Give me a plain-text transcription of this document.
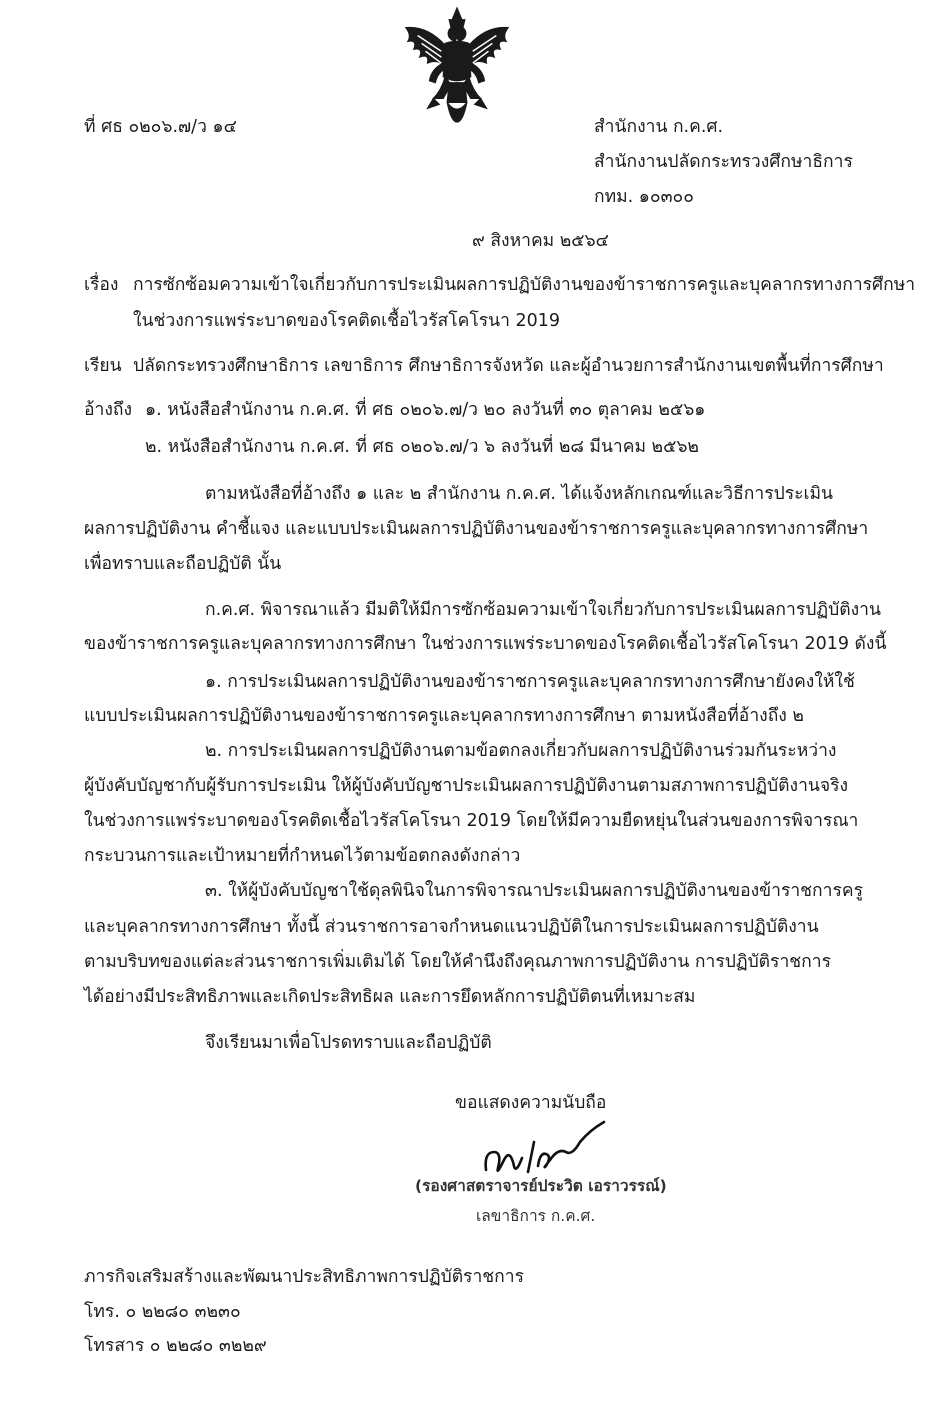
ที่ ศธ ๐๒๐๖.๗/ว ๑๔	สำนักงาน ก.ค.ศ.
สำนักงานปลัดกระทรวงศึกษาธิการ
กทม. ๑๐๓๐๐
๙ สิงหาคม ๒๕๖๔
เรื่อง การซักซ้อมความเข้าใจเกี่ยวกับการประเมินผลการปฏิบัติงานของข้าราชการครูและบุคลากรทางการศึกษา
ในช่วงการแพร่ระบาดของโรคติดเชื้อไวรัสโคโรนา 2019
เรียน ปลัดกระทรวงศึกษาธิการ เลขาธิการ ศึกษาธิการจังหวัด และผู้อำนวยการสำนักงานเขตพื้นที่การศึกษา
อ้างถึง ๑. หนังสือสำนักงาน ก.ค.ศ. ที่ ศธ ๐๒๐๖.๗/ว ๒๐ ลงวันที่ ๓๐ ตุลาคม ๒๕๖๑
๒. หนังสือสำนักงาน ก.ค.ศ. ที่ ศธ ๐๒๐๖.๗/ว ๖ ลงวันที่ ๒๘ มีนาคม ๒๕๖๒
ตามหนังสือที่อ้างถึง ๑ และ ๒ สำนักงาน ก.ค.ศ. ได้แจ้งหลักเกณฑ์และวิธีการประเมิน
ผลการปฏิบัติงาน คำชี้แจง และแบบประเมินผลการปฏิบัติงานของข้าราชการครูและบุคลากรทางการศึกษา
เพื่อทราบและถือปฏิบัติ นั้น
ก.ค.ศ. พิจารณาแล้ว มีมติให้มีการซักซ้อมความเข้าใจเกี่ยวกับการประเมินผลการปฏิบัติงาน
ของข้าราชการครูและบุคลากรทางการศึกษา ในช่วงการแพร่ระบาดของโรคติดเชื้อไวรัสโคโรนา 2019 ดังนี้
๑. การประเมินผลการปฏิบัติงานของข้าราชการครูและบุคลากรทางการศึกษายังคงให้ใช้
แบบประเมินผลการปฏิบัติงานของข้าราชการครูและบุคลากรทางการศึกษา ตามหนังสือที่อ้างถึง ๒
๒. การประเมินผลการปฏิบัติงานตามข้อตกลงเกี่ยวกับผลการปฏิบัติงานร่วมกันระหว่าง
ผู้บังคับบัญชากับผู้รับการประเมิน ให้ผู้บังคับบัญชาประเมินผลการปฏิบัติงานตามสภาพการปฏิบัติงานจริง
ในช่วงการแพร่ระบาดของโรคติดเชื้อไวรัสโคโรนา 2019 โดยให้มีความยืดหยุ่นในส่วนของการพิจารณา
กระบวนการและเป้าหมายที่กำหนดไว้ตามข้อตกลงดังกล่าว
๓. ให้ผู้บังคับบัญชาใช้ดุลพินิจในการพิจารณาประเมินผลการปฏิบัติงานของข้าราชการครู
และบุคลากรทางการศึกษา ทั้งนี้ ส่วนราชการอาจกำหนดแนวปฏิบัติในการประเมินผลการปฏิบัติงาน
ตามบริบทของแต่ละส่วนราชการเพิ่มเติมได้ โดยให้คำนึงถึงคุณภาพการปฏิบัติงาน การปฏิบัติราชการ
ได้อย่างมีประสิทธิภาพและเกิดประสิทธิผล และการยึดหลักการปฏิบัติตนที่เหมาะสม
จึงเรียนมาเพื่อโปรดทราบและถือปฏิบัติ
ขอแสดงความนับถือ
(รองศาสตราจารย์ประวิต เอราวรรณ์)
เลขาธิการ ก.ค.ศ.
ภารกิจเสริมสร้างและพัฒนาประสิทธิภาพการปฏิบัติราชการ
โทร. ๐ ๒๒๘๐ ๓๒๓๐
โทรสาร ๐ ๒๒๘๐ ๓๒๒๙
